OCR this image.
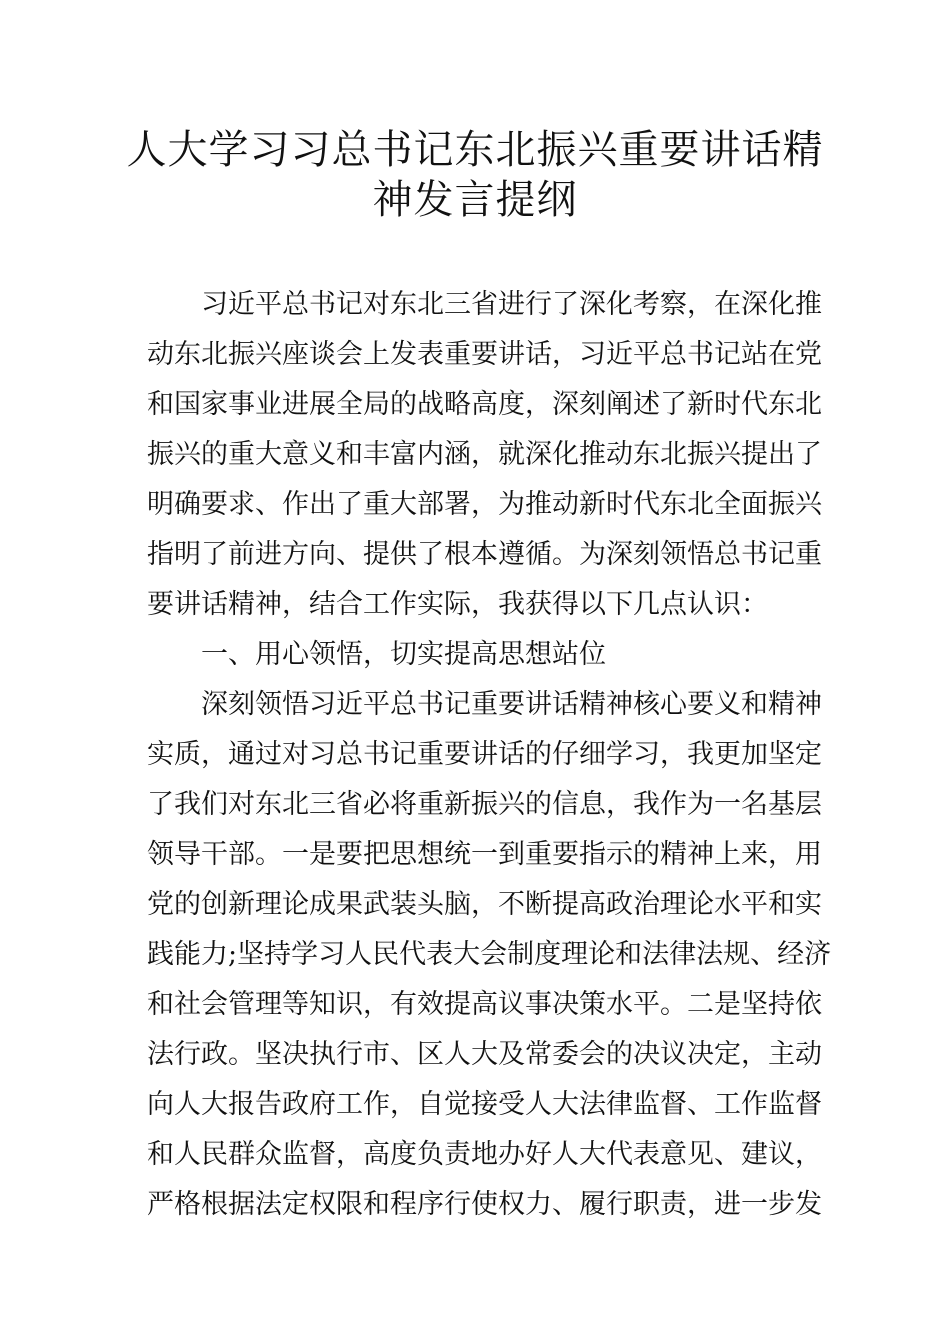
人大学习习总书记东北振兴重要讲话精
神发言提纲
习近平总书记对东北三省进行了深化考察，在深化推
动东北振兴座谈会上发表重要讲话，习近平总书记站在党
和国家事业进展全局的战略高度，深刻阐述了新时代东北
振兴的重大意义和丰富内涵，就深化推动东北振兴提出了
明确要求、作出了重大部署，为推动新时代东北全面振兴
指明了前进方向、提供了根本遵循。为深刻领悟总书记重
要讲话精神，结合工作实际，我获得以下几点认识：
一、用心领悟，切实提高思想站位
深刻领悟习近平总书记重要讲话精神核心要义和精神
实质，通过对习总书记重要讲话的仔细学习，我更加坚定
了我们对东北三省必将重新振兴的信息，我作为一名基层
领导干部。一是要把思想统一到重要指示的精神上来，用
党的创新理论成果武装头脑，不断提高政治理论水平和实
践能力;坚持学习人民代表大会制度理论和法律法规、经济
和社会管理等知识，有效提高议事决策水平。二是坚持依
法行政。坚决执行市、区人大及常委会的决议决定，主动
向人大报告政府工作，自觉接受人大法律监督、工作监督
和人民群众监督，高度负责地办好人大代表意见、建议，
严格根据法定权限和程序行使权力、履行职责，进一步发
